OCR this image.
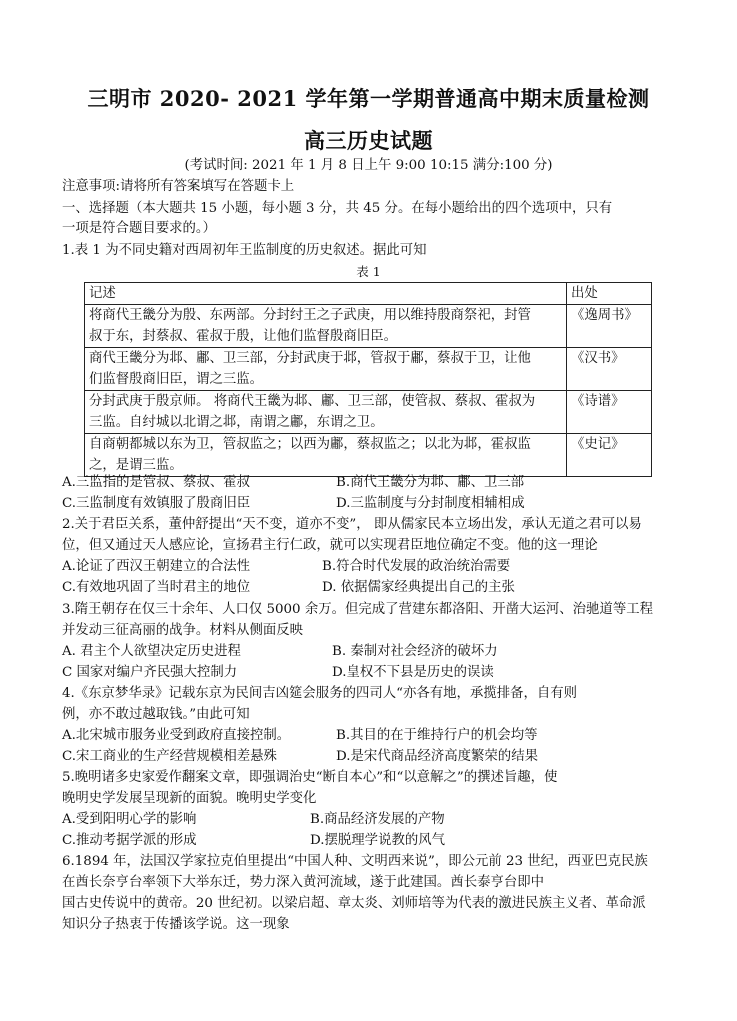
三明市 2020- 2021 学年第一学期普通高中期末质量检测
高三历史试题
(考试时间: 2021 年 1 月 8 日上午 9:00 10:15 满分:100 分)
注意事项:请将所有答案填写在答题卡上
一、选择题（本大题共 15 小题，每小题 3 分，共 45 分。在每小题给出的四个选项中，只有
一项是符合题目要求的。）
1.表 1 为不同史籍对西周初年王监制度的历史叙述。据此可知
表 1
记述	出处

将商代王畿分为殷、东两部。分封纣王之子武庚，用以维持殷商祭祀，封管
叔于东，封蔡叔、霍叔于殷，让他们监督殷商旧臣。	《逸周书》

商代王畿分为邶、鄘、卫三部，分封武庚于邶，管叔于鄘，蔡叔于卫，让他
们监督殷商旧臣，谓之三监。	《汉书》

分封武庚于殷京师。 将商代王畿为邶、鄘、卫三部，使管叔、蔡叔、霍叔为
三监。自纣城以北谓之邶，南谓之鄘，东谓之卫。	《诗谱》

自商朝都城以东为卫，管叔监之；以西为鄘，蔡叔监之；以北为邶，霍叔监
之，是谓三监。	《史记》
A.三监指的是管叔、蔡叔、霍叔	B.商代王畿分为邶、鄘、卫三部
C.三监制度有效镇服了殷商旧臣	D.三监制度与分封制度相辅相成
2.关于君臣关系，董仲舒提出“天不变，道亦不变”， 即从儒家民本立场出发，承认无道之君可以易
位，但又通过天人感应论，宣扬君主行仁政，就可以实现君臣地位确定不变。他的这一理论
A.论证了西汉王朝建立的合法性	B.符合时代发展的政治统治需要
C.有效地巩固了当时君主的地位	D. 依据儒家经典提出自己的主张
3.隋王朝存在仅三十余年、人口仅 5000 余万。但完成了营建东都洛阳、开凿大运河、治驰道等工程
并发动三征高丽的战争。材料从侧面反映
A. 君主个人欲望决定历史进程	B. 秦制对社会经济的破坏力
C 国家对编户齐民强大控制力	D.皇权不下县是历史的误读
4.《东京梦华录》记载东京为民间吉凶筵会服务的四司人“亦各有地，承揽排备，自有则
例，亦不敢过越取钱。”由此可知
A.北宋城市服务业受到政府直接控制。	B.其目的在于维持行户的机会均等
C.宋工商业的生产经营规模相差悬殊	D.是宋代商品经济高度繁荣的结果
5.晚明诸多史家爱作翻案文章，即强调治史“断自本心”和“以意解之”的撰述旨趣，使
晚明史学发展呈现新的面貌。晚明史学变化
A.受到阳明心学的影响	B.商品经济发展的产物
C.推动考据学派的形成	D.摆脱理学说教的风气
6.1894 年，法国汉学家拉克伯里提出“中国人种、文明西来说”，即公元前 23 世纪，西亚巴克民族
在酋长奈亨台率领下大举东迁，势力深入黄河流域，遂于此建国。酋长泰亨台即中
国古史传说中的黄帝。20 世纪初。以梁启超、章太炎、刘师培等为代表的激进民族主义者、革命派
知识分子热衷于传播该学说。这一现象
